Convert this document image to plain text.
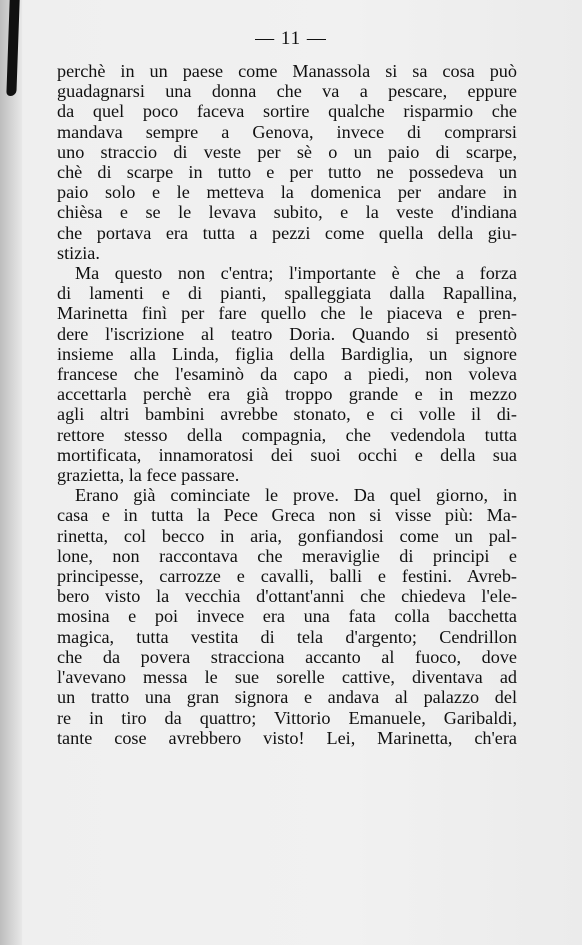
— 11 —
perchè in un paese come Manassola si sa cosa può
guadagnarsi una donna che va a pescare, eppure
da quel poco faceva sortire qualche risparmio che
mandava sempre a Genova, invece di comprarsi
uno straccio di veste per sè o un paio di scarpe,
chè di scarpe in tutto e per tutto ne possedeva un
paio solo e le metteva la domenica per andare in
chièsa e se le levava subito, e la veste d'indiana
che portava era tutta a pezzi come quella della giu-
stizia.
Ma questo non c'entra; l'importante è che a forza
di lamenti e di pianti, spalleggiata dalla Rapallina,
Marinetta finì per fare quello che le piaceva e pren-
dere l'iscrizione al teatro Doria. Quando si presentò
insieme alla Linda, figlia della Bardiglia, un signore
francese che l'esaminò da capo a piedi, non voleva
accettarla perchè era già troppo grande e in mezzo
agli altri bambini avrebbe stonato, e ci volle il di-
rettore stesso della compagnia, che vedendola tutta
mortificata, innamoratosi dei suoi occhi e della sua
grazietta, la fece passare.
Erano già cominciate le prove. Da quel giorno, in
casa e in tutta la Pece Greca non si visse più: Ma-
rinetta, col becco in aria, gonfiandosi come un pal-
lone, non raccontava che meraviglie di principi e
principesse, carrozze e cavalli, balli e festini. Avreb-
bero visto la vecchia d'ottant'anni che chiedeva l'ele-
mosina e poi invece era una fata colla bacchetta
magica, tutta vestita di tela d'argento; Cendrillon
che da povera stracciona accanto al fuoco, dove
l'avevano messa le sue sorelle cattive, diventava ad
un tratto una gran signora e andava al palazzo del
re in tiro da quattro; Vittorio Emanuele, Garibaldi,
tante cose avrebbero visto! Lei, Marinetta, ch'era
